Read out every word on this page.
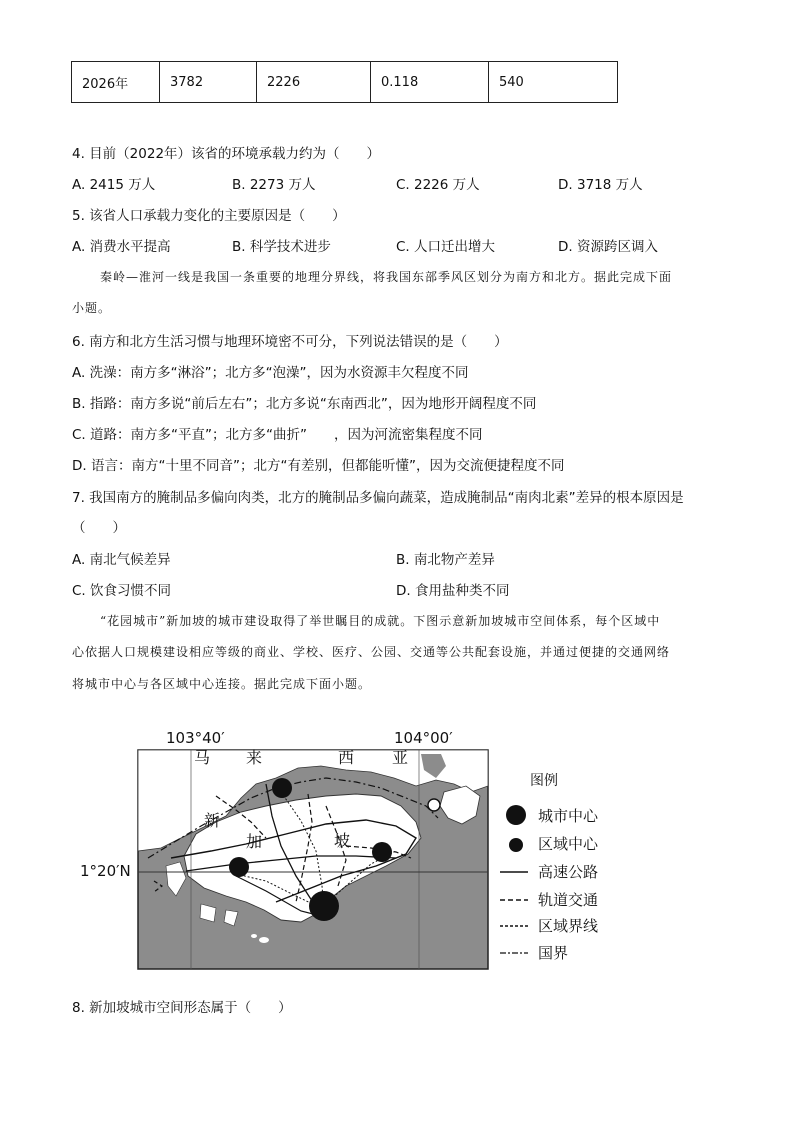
2026年	3782	2226	0.118	540
4. 目前（2022年）该省的环境承载力约为（　　）
A. 2415 万人	B. 2273 万人	C. 2226 万人	D. 3718 万人
5. 该省人口承载力变化的主要原因是（　　）
A. 消费水平提高	B. 科学技术进步	C. 人口迁出增大	D. 资源跨区调入
秦岭—淮河一线是我国一条重要的地理分界线，将我国东部季风区划分为南方和北方。据此完成下面
小题。
6. 南方和北方生活习惯与地理环境密不可分，下列说法错误的是（　　）
A. 洗澡：南方多“淋浴”；北方多“泡澡”，因为水资源丰欠程度不同
B. 指路：南方多说“前后左右”；北方多说“东南西北”，因为地形开阔程度不同
C. 道路：南方多“平直”；北方多“曲折”　　，因为河流密集程度不同
D. 语言：南方“十里不同音”；北方“有差别，但都能听懂”，因为交流便捷程度不同
7. 我国南方的腌制品多偏向肉类，北方的腌制品多偏向蔬菜，造成腌制品“南肉北素”差异的根本原因是
（　　）
A. 南北气候差异	B. 南北物产差异
C. 饮食习惯不同	D. 食用盐种类不同
“花园城市”新加坡的城市建设取得了举世瞩目的成就。下图示意新加坡城市空间体系，每个区域中
心依据人口规模建设相应等级的商业、学校、医疗、公园、交通等公共配套设施，并通过便捷的交通网络
将城市中心与各区域中心连接。据此完成下面小题。
103°40′	104°00′
1°20′N
马 来	西 亚
新
加	坡
图例
城市中心
区域中心
高速公路
轨道交通
区域界线
国界
8. 新加坡城市空间形态属于（　　）
